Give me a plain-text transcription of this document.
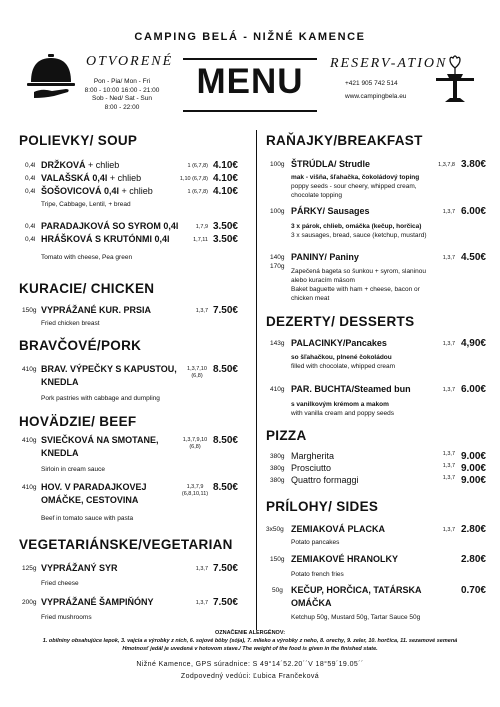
CAMPING BELÁ - NIŽNÉ KAMENCE
OTVORENÉ
Pon - Pia/ Mon - Fri
8:00 - 10:00 16:00 - 21:00
Sob - Ned/ Sat - Sun
8:00 - 22:00
MENU	RESERV-ATION
+421 905 742 514
www.campingbela.eu
POLIEVKY/ SOUP
0,4l DRŽKOVÁ + chlieb	1 (6,7,8) 4.10€
0,4l VALAŠSKÁ 0,4l + chlieb	1,10 (6,7,8) 4.10€
0,4l ŠOŠOVICOVÁ 0,4l + chlieb	1 (6,7,8) 4.10€
Tripe, Cabbage, Lentil, + bread
0,4l PARADAJKOVÁ SO SYROM 0,4l	1,7,9 3.50€
0,4l HRÁŠKOVÁ S KRUTÓNMI 0,4l	1,7,11 3.50€
Tomato with cheese, Pea green
KURACIE/ CHICKEN
150g VYPRÁŽANÉ KUR. PRSIA	1,3,7 7.50€
Fried chicken breast
BRAVČOVÉ/PORK
410g BRAV. VÝPEČKY S KAPUSTOU,
KNEDLA
1,3,7,10
(6,8)
8.50€
Pork pastries with cabbage and dumpling
HOVÄDZIE/ BEEF
410g SVIEČKOVÁ NA SMOTANE,
KNEDLA
1,3,7,9,10
(6,8)
8.50€
Sirloin in cream sauce
410g HOV. V PARADAJKOVEJ
OMÁČKE, CESTOVINA
1,3,7,9
(6,8,10,11)
8.50€
Beef in tomato sauce with pasta
VEGETARIÁNSKE/VEGETARIAN
125g VYPRÁŽANÝ SYR	1,3,7 7.50€
Fried cheese
200g VYPRÁŽANÉ ŠAMPIŇÓNY	1,3,7 7.50€
Fried mushrooms
RAŇAJKY/BREAKFAST
100g ŠTRÚDLA/ Strudle	1,3,7,8 3.80€
mak - višňa, šľahačka, čokoládový toping
poppy seeds - sour cheery, whipped cream,
chocolate topping
100g PÁRKY/ Sausages	1,3,7 6.00€
3 x párok, chlieb, omáčka (kečup, horčica)
3 x sausages, bread, sauce (ketchup, mustard)
140g
170g
PANINY/ Paniny	1,3,7 4.50€
Zapečená bageta so šunkou + syrom, slaninou
alebo kuracím mäsom
Baket baguette with ham + cheese, bacon or
chicken meat
DEZERTY/ DESSERTS
143g PALACINKY/Pancakes	1,3,7 4,90€
so šľahačkou, plnené čokoládou
filled with chocolate, whipped cream
410g PAR. BUCHTA/Steamed bun	1,3,7 6.00€
s vanilkovým krémom a makom
with vanilla cream and poppy seeds
PIZZA
380g Margherita	1,3,7 9.00€
380g Prosciutto	1,3,7 9.00€
380g Quattro formaggi	1,3,7 9.00€
PRÍLOHY/ SIDES
3x50g ZEMIAKOVÁ PLACKA	1,3,7 2.80€
Potato pancakes
150g ZEMIAKOVÉ HRANOLKY	2.80€
Potato french fries
50g KEČUP, HORČICA, TATÁRSKA
OMÁČKA
0.70€
Ketchup 50g, Mustard 50g, Tartar Sauce 50g
OZNAČENIE ALERGÉNOV:
1. obilniny obsahujúce lepok, 3. vajcia a výrobky z nich, 6. sojové bôby (sója), 7. mlieko a výrobky z neho, 8. orechy, 9. zeler, 10. horčica, 11. sezamové semená
Hmotnosť jedál je uvedená v hotovom stave./ The weight of the food is given in the finished state.
Nižné Kamence, GPS súradnice: S 49°14´52.20´´V 18°59´19.05´´
Zodpovedný vedúci: Ľubica Frančeková
